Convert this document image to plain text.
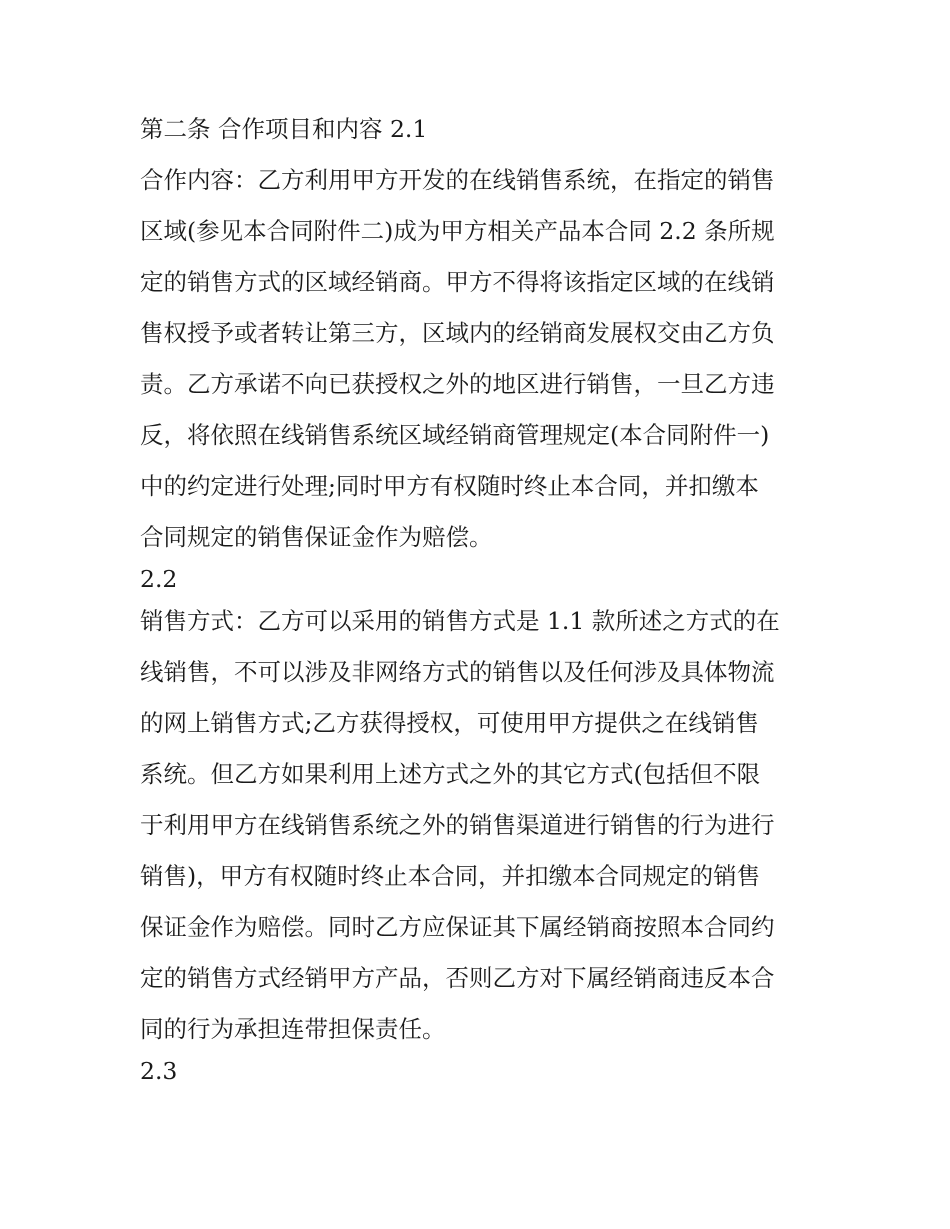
第二条 合作项目和内容 2.1
合作内容：乙方利用甲方开发的在线销售系统，在指定的销售
区域(参见本合同附件二)成为甲方相关产品本合同 2.2 条所规
定的销售方式的区域经销商。甲方不得将该指定区域的在线销
售权授予或者转让第三方，区域内的经销商发展权交由乙方负
责。乙方承诺不向已获授权之外的地区进行销售，一旦乙方违
反，将依照在线销售系统区域经销商管理规定(本合同附件一)
中的约定进行处理;同时甲方有权随时终止本合同，并扣缴本
合同规定的销售保证金作为赔偿。
2.2
销售方式：乙方可以采用的销售方式是 1.1 款所述之方式的在
线销售，不可以涉及非网络方式的销售以及任何涉及具体物流
的网上销售方式;乙方获得授权，可使用甲方提供之在线销售
系统。但乙方如果利用上述方式之外的其它方式(包括但不限
于利用甲方在线销售系统之外的销售渠道进行销售的行为进行
销售)，甲方有权随时终止本合同，并扣缴本合同规定的销售
保证金作为赔偿。同时乙方应保证其下属经销商按照本合同约
定的销售方式经销甲方产品，否则乙方对下属经销商违反本合
同的行为承担连带担保责任。
2.3
